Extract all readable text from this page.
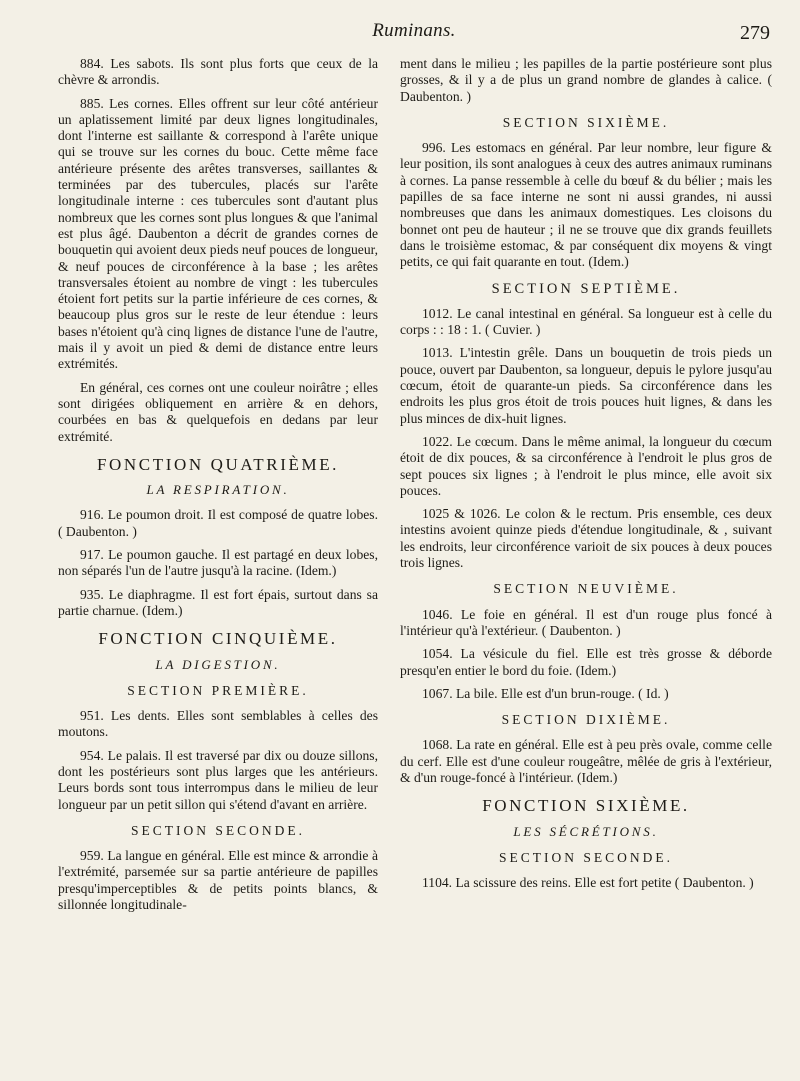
Ruminans.	279

884. Les sabots. Ils sont plus forts que ceux de la chèvre & arrondis.

885. Les cornes. Elles offrent sur leur côté antérieur un aplatissement limité par deux lignes longitudinales, dont l'interne est saillante & correspond à l'arête unique qui se trouve sur les cornes du bouc. Cette même face antérieure présente des arêtes transverses, saillantes & terminées par des tubercules, placés sur l'arête longitudinale interne : ces tubercules sont d'autant plus nombreux que les cornes sont plus longues & que l'animal est plus âgé. Daubenton a décrit de grandes cornes de bouquetin qui avoient deux pieds neuf pouces de longueur, & neuf pouces de circonférence à la base ; les arêtes transversales étoient au nombre de vingt : les tubercules étoient fort petits sur la partie inférieure de ces cornes, & beaucoup plus gros sur le reste de leur étendue : leurs bases n'étoient qu'à cinq lignes de distance l'une de l'autre, mais il y avoit un pied & demi de distance entre leurs extrémités.

En général, ces cornes ont une couleur noirâtre ; elles sont dirigées obliquement en arrière & en dehors, courbées en bas & quelquefois en dedans par leur extrémité.

FONCTION QUATRIÈME.
LA RESPIRATION.

916. Le poumon droit. Il est composé de quatre lobes. ( Daubenton. )

917. Le poumon gauche. Il est partagé en deux lobes, non séparés l'un de l'autre jusqu'à la racine. (Idem.)

935. Le diaphragme. Il est fort épais, surtout dans sa partie charnue. (Idem.)

FONCTION CINQUIÈME.
LA DIGESTION.
SECTION PREMIÈRE.

951. Les dents. Elles sont semblables à celles des moutons.

954. Le palais. Il est traversé par dix ou douze sillons, dont les postérieurs sont plus larges que les antérieurs. Leurs bords sont tous interrompus dans le milieu de leur longueur par un petit sillon qui s'étend d'avant en arrière.

SECTION SECONDE.

959. La langue en général. Elle est mince & arrondie à l'extrémité, parsemée sur sa partie antérieure de papilles presqu'imperceptibles & de petits points blancs, & sillonnée longitudinale-

ment dans le milieu ; les papilles de la partie postérieure sont plus grosses, & il y a de plus un grand nombre de glandes à calice. ( Daubenton. )

SECTION SIXIÈME.

996. Les estomacs en général. Par leur nombre, leur figure & leur position, ils sont analogues à ceux des autres animaux ruminans à cornes. La panse ressemble à celle du bœuf & du bélier ; mais les papilles de sa face interne ne sont ni aussi grandes, ni aussi nombreuses que dans les animaux domestiques. Les cloisons du bonnet ont peu de hauteur ; il ne se trouve que dix grands feuillets dans le troisième estomac, & par conséquent dix moyens & vingt petits, ce qui fait quarante en tout. (Idem.)

SECTION SEPTIÈME.

1012. Le canal intestinal en général. Sa longueur est à celle du corps : : 18 : 1. ( Cuvier. )

1013. L'intestin grêle. Dans un bouquetin de trois pieds un pouce, ouvert par Daubenton, sa longueur, depuis le pylore jusqu'au cœcum, étoit de quarante-un pieds. Sa circonférence dans les endroits les plus gros étoit de trois pouces huit lignes, & dans les plus minces de dix-huit lignes.

1022. Le cœcum. Dans le même animal, la longueur du cœcum étoit de dix pouces, & sa circonférence à l'endroit le plus gros de sept pouces six lignes ; à l'endroit le plus mince, elle avoit six pouces.

1025 & 1026. Le colon & le rectum. Pris ensemble, ces deux intestins avoient quinze pieds d'étendue longitudinale, & , suivant les endroits, leur circonférence varioit de six pouces à deux pouces trois lignes.

SECTION NEUVIÈME.

1046. Le foie en général. Il est d'un rouge plus foncé à l'intérieur qu'à l'extérieur. ( Daubenton. )

1054. La vésicule du fiel. Elle est très grosse & déborde presqu'en entier le bord du foie. (Idem.)

1067. La bile. Elle est d'un brun-rouge. ( Id. )

SECTION DIXIÈME.

1068. La rate en général. Elle est à peu près ovale, comme celle du cerf. Elle est d'une couleur rougeâtre, mêlée de gris à l'extérieur, & d'un rouge-foncé à l'intérieur. (Idem.)

FONCTION SIXIÈME.
LES SÉCRÉTIONS.
SECTION SECONDE.

1104. La scissure des reins. Elle est fort petite ( Daubenton. )
